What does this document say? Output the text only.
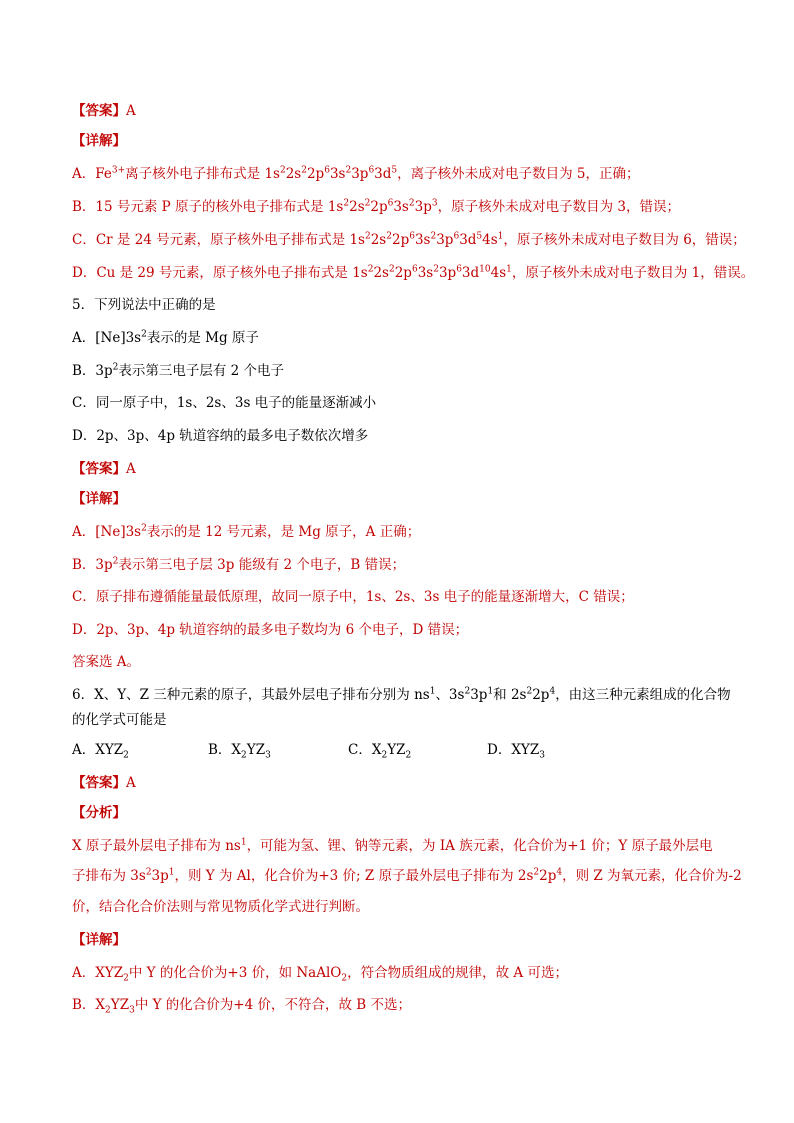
【答案】A
【详解】
A．$Fe^{3+}$离子核外电子排布式是 $1s^22s^22p^63s^23p^63d^5$，离子核外未成对电子数目为 5，正确；
B．15 号元素 P 原子的核外电子排布式是 $1s^22s^22p^63s^23p^3$，原子核外未成对电子数目为 3，错误；
C．Cr 是 24 号元素，原子核外电子排布式是 $1s^22s^22p^63s^23p^63d^54s^1$，原子核外未成对电子数目为 6，错误；
D．Cu 是 29 号元素，原子核外电子排布式是 $1s^22s^22p^63s^23p^63d^{10}4s^1$，原子核外未成对电子数目为 1，错误。
5．下列说法中正确的是
A．$[Ne]3s^2$表示的是 Mg 原子
B．$3p^2$表示第三电子层有 2 个电子
C．同一原子中，1s、2s、3s 电子的能量逐渐减小
D．2p、3p、4p 轨道容纳的最多电子数依次增多
【答案】A
【详解】
A．$[Ne]3s^2$表示的是 12 号元素，是 Mg 原子，A 正确；
B．$3p^2$表示第三电子层 3p 能级有 2 个电子，B 错误；
C．原子排布遵循能量最低原理，故同一原子中，1s、2s、3s 电子的能量逐渐增大，C 错误；
D．2p、3p、4p 轨道容纳的最多电子数均为 6 个电子，D 错误；
答案选 A。
6．X、Y、Z 三种元素的原子，其最外层电子排布分别为 $ns^1$、$3s^23p^1$和 $2s^22p^4$，由这三种元素组成的化合物
的化学式可能是
A．$XYZ_2$	B．$X_2YZ_3$	C．$X_2YZ_2$	D．$XYZ_3$
【答案】A
【分析】
X 原子最外层电子排布为 $ns^1$，可能为氢、锂、钠等元素，为 IA 族元素，化合价为+1 价；Y 原子最外层电
子排布为 $3s^23p^1$，则 Y 为 Al，化合价为+3 价; Z 原子最外层电子排布为 $2s^22p^4$，则 Z 为氧元素，化合价为-2
价，结合化合价法则与常见物质化学式进行判断。
【详解】
A．$XYZ_2$中 Y 的化合价为+3 价，如 NaAlO$_2$，符合物质组成的规律，故 A 可选；
B．$X_2YZ_3$中 Y 的化合价为+4 价，不符合，故 B 不选；
